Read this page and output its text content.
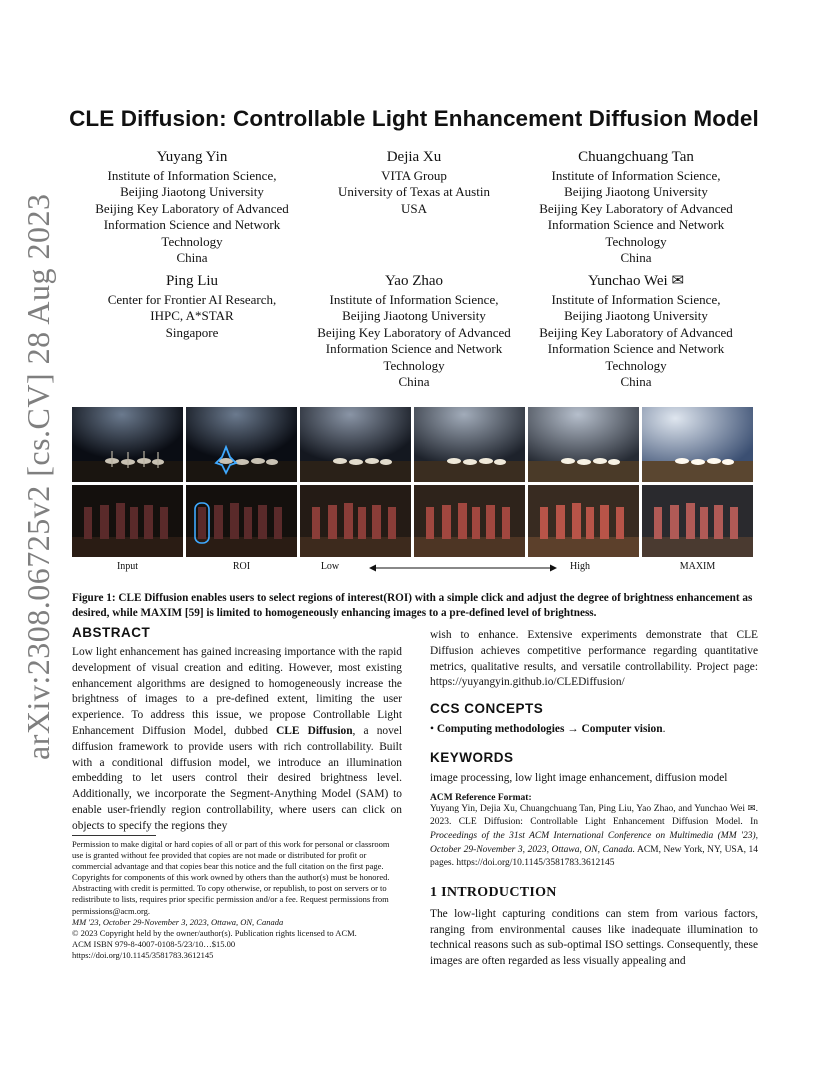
arXiv:2308.06725v2 [cs.CV] 28 Aug 2023
CLE Diffusion: Controllable Light Enhancement Diffusion Model
Yuyang Yin
Institute of Information Science,
Beijing Jiaotong University
Beijing Key Laboratory of Advanced
Information Science and Network
Technology
China
Dejia Xu
VITA Group
University of Texas at Austin
USA
Chuangchuang Tan
Institute of Information Science,
Beijing Jiaotong University
Beijing Key Laboratory of Advanced
Information Science and Network
Technology
China
Ping Liu
Center for Frontier AI Research,
IHPC, A*STAR
Singapore
Yao Zhao
Institute of Information Science,
Beijing Jiaotong University
Beijing Key Laboratory of Advanced
Information Science and Network
Technology
China
Yunchao Wei ✉
Institute of Information Science,
Beijing Jiaotong University
Beijing Key Laboratory of Advanced
Information Science and Network
Technology
China
Input	ROI	Low	High	MAXIM
Figure 1: CLE Diffusion enables users to select regions of interest(ROI) with a simple click and adjust the degree of brightness enhancement as desired, while MAXIM [59] is limited to homogeneously enhancing images to a pre-defined level of brightness.
ABSTRACT
Low light enhancement has gained increasing importance with the rapid development of visual creation and editing. However, most existing enhancement algorithms are designed to homogeneously increase the brightness of images to a pre-defined extent, limiting the user experience. To address this issue, we propose Controllable Light Enhancement Diffusion Model, dubbed CLE Diffusion, a novel diffusion framework to provide users with rich controllability. Built with a conditional diffusion model, we introduce an illumination embedding to let users control their desired brightness level. Additionally, we incorporate the Segment-Anything Model (SAM) to enable user-friendly region controllability, where users can click on objects to specify the regions they
Permission to make digital or hard copies of all or part of this work for personal or classroom use is granted without fee provided that copies are not made or distributed for profit or commercial advantage and that copies bear this notice and the full citation on the first page. Copyrights for components of this work owned by others than the author(s) must be honored. Abstracting with credit is permitted. To copy otherwise, or republish, to post on servers or to redistribute to lists, requires prior specific permission and/or a fee. Request permissions from permissions@acm.org.
MM '23, October 29-November 3, 2023, Ottawa, ON, Canada
© 2023 Copyright held by the owner/author(s). Publication rights licensed to ACM.
ACM ISBN 979-8-4007-0108-5/23/10…$15.00
https://doi.org/10.1145/3581783.3612145
wish to enhance. Extensive experiments demonstrate that CLE Diffusion achieves competitive performance regarding quantitative metrics, qualitative results, and versatile controllability. Project page: https://yuyangyin.github.io/CLEDiffusion/
CCS CONCEPTS
• Computing methodologies → Computer vision.
KEYWORDS
image processing, low light image enhancement, diffusion model
ACM Reference Format:
Yuyang Yin, Dejia Xu, Chuangchuang Tan, Ping Liu, Yao Zhao, and Yunchao Wei ✉. 2023. CLE Diffusion: Controllable Light Enhancement Diffusion Model. In Proceedings of the 31st ACM International Conference on Multimedia (MM '23), October 29-November 3, 2023, Ottawa, ON, Canada. ACM, New York, NY, USA, 14 pages. https://doi.org/10.1145/3581783.3612145
1 INTRODUCTION
The low-light capturing conditions can stem from various factors, ranging from environmental causes like inadequate illumination to technical reasons such as sub-optimal ISO settings. Consequently, these images are often regarded as less visually appealing and
